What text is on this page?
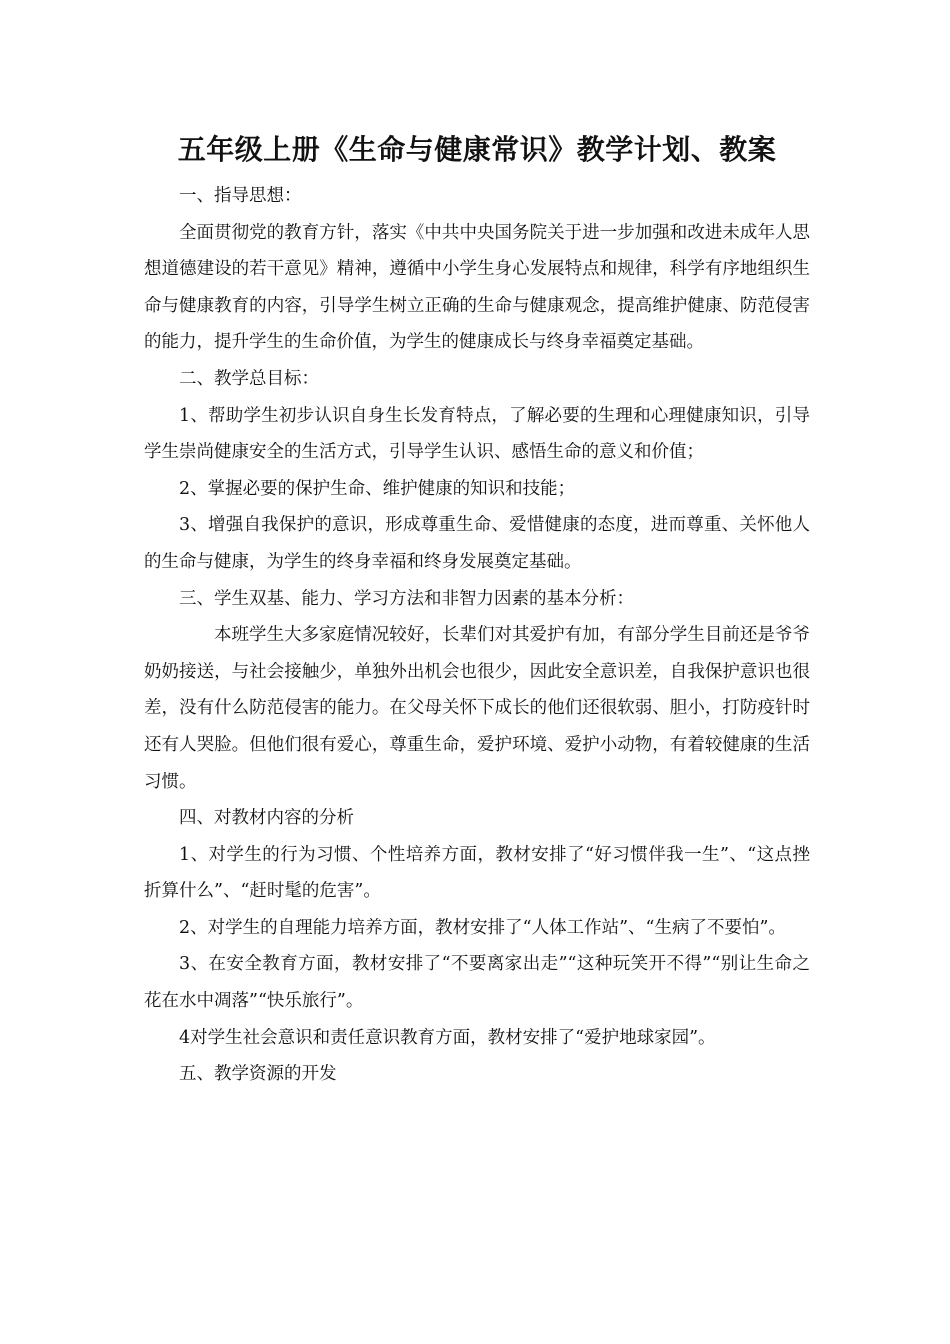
五年级上册《生命与健康常识》教学计划、教案

一、指导思想：

全面贯彻党的教育方针，落实《中共中央国务院关于进一步加强和改进未成年人思想道德建设的若干意见》精神，遵循中小学生身心发展特点和规律，科学有序地组织生命与健康教育的内容，引导学生树立正确的生命与健康观念，提高维护健康、防范侵害的能力，提升学生的生命价值，为学生的健康成长与终身幸福奠定基础。

二、教学总目标：

1、帮助学生初步认识自身生长发育特点，了解必要的生理和心理健康知识，引导学生崇尚健康安全的生活方式，引导学生认识、感悟生命的意义和价值；

2、掌握必要的保护生命、维护健康的知识和技能；

3、增强自我保护的意识，形成尊重生命、爱惜健康的态度，进而尊重、关怀他人的生命与健康，为学生的终身幸福和终身发展奠定基础。

三、学生双基、能力、学习方法和非智力因素的基本分析：

本班学生大多家庭情况较好，长辈们对其爱护有加，有部分学生目前还是爷爷奶奶接送，与社会接触少，单独外出机会也很少，因此安全意识差，自我保护意识也很差，没有什么防范侵害的能力。在父母关怀下成长的他们还很软弱、胆小，打防疫针时还有人哭脸。但他们很有爱心，尊重生命，爱护环境、爱护小动物，有着较健康的生活习惯。

四、对教材内容的分析

1、对学生的行为习惯、个性培养方面，教材安排了“好习惯伴我一生”、“这点挫折算什么”、“赶时髦的危害”。

2、对学生的自理能力培养方面，教材安排了“人体工作站”、“生病了不要怕”。

3、在安全教育方面，教材安排了“不要离家出走”“这种玩笑开不得”“别让生命之花在水中凋落”“快乐旅行”。

4对学生社会意识和责任意识教育方面，教材安排了“爱护地球家园”。

五、教学资源的开发
